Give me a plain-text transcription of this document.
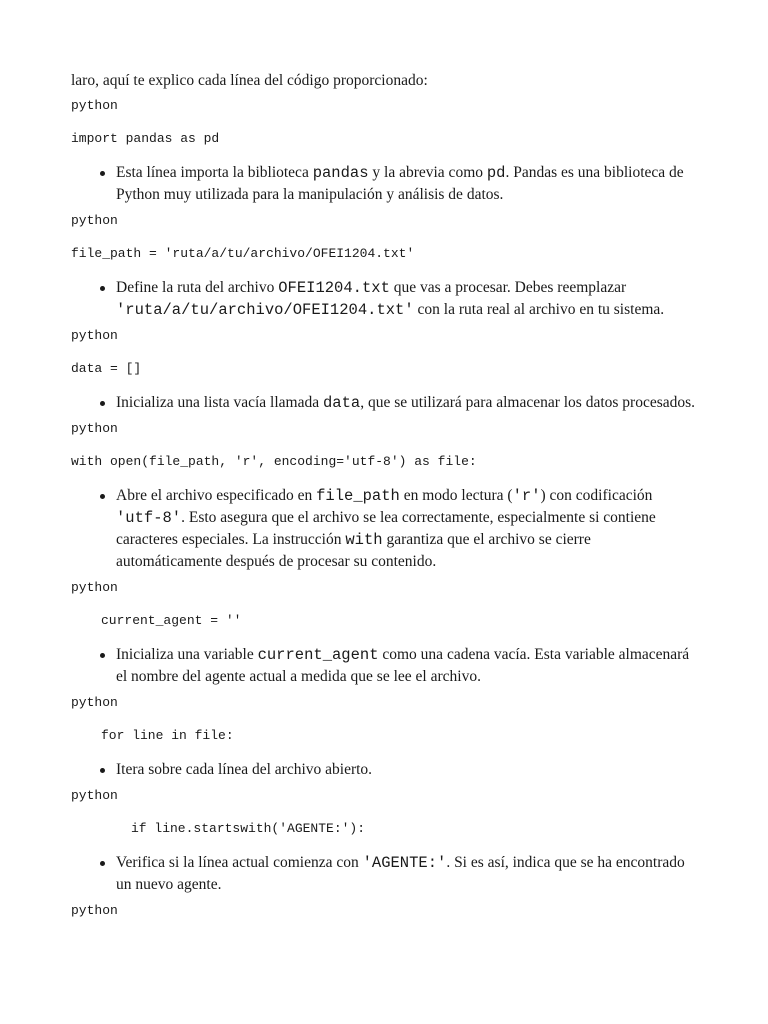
laro, aquí te explico cada línea del código proporcionado:

python
import pandas as pd
Esta línea importa la biblioteca pandas y la abrevia como pd. Pandas es una biblioteca de Python muy utilizada para la manipulación y análisis de datos.
python
file_path = 'ruta/a/tu/archivo/OFEI1204.txt'
Define la ruta del archivo OFEI1204.txt que vas a procesar. Debes reemplazar 'ruta/a/tu/archivo/OFEI1204.txt' con la ruta real al archivo en tu sistema.
python
data = []
Inicializa una lista vacía llamada data, que se utilizará para almacenar los datos procesados.
python
with open(file_path, 'r', encoding='utf-8') as file:
Abre el archivo especificado en file_path en modo lectura ('r') con codificación 'utf-8'. Esto asegura que el archivo se lea correctamente, especialmente si contiene caracteres especiales. La instrucción with garantiza que el archivo se cierre automáticamente después de procesar su contenido.
python
current_agent = ''
Inicializa una variable current_agent como una cadena vacía. Esta variable almacenará el nombre del agente actual a medida que se lee el archivo.
python
for line in file:
Itera sobre cada línea del archivo abierto.
python
if line.startswith('AGENTE:'):
Verifica si la línea actual comienza con 'AGENTE:'. Si es así, indica que se ha encontrado un nuevo agente.
python
